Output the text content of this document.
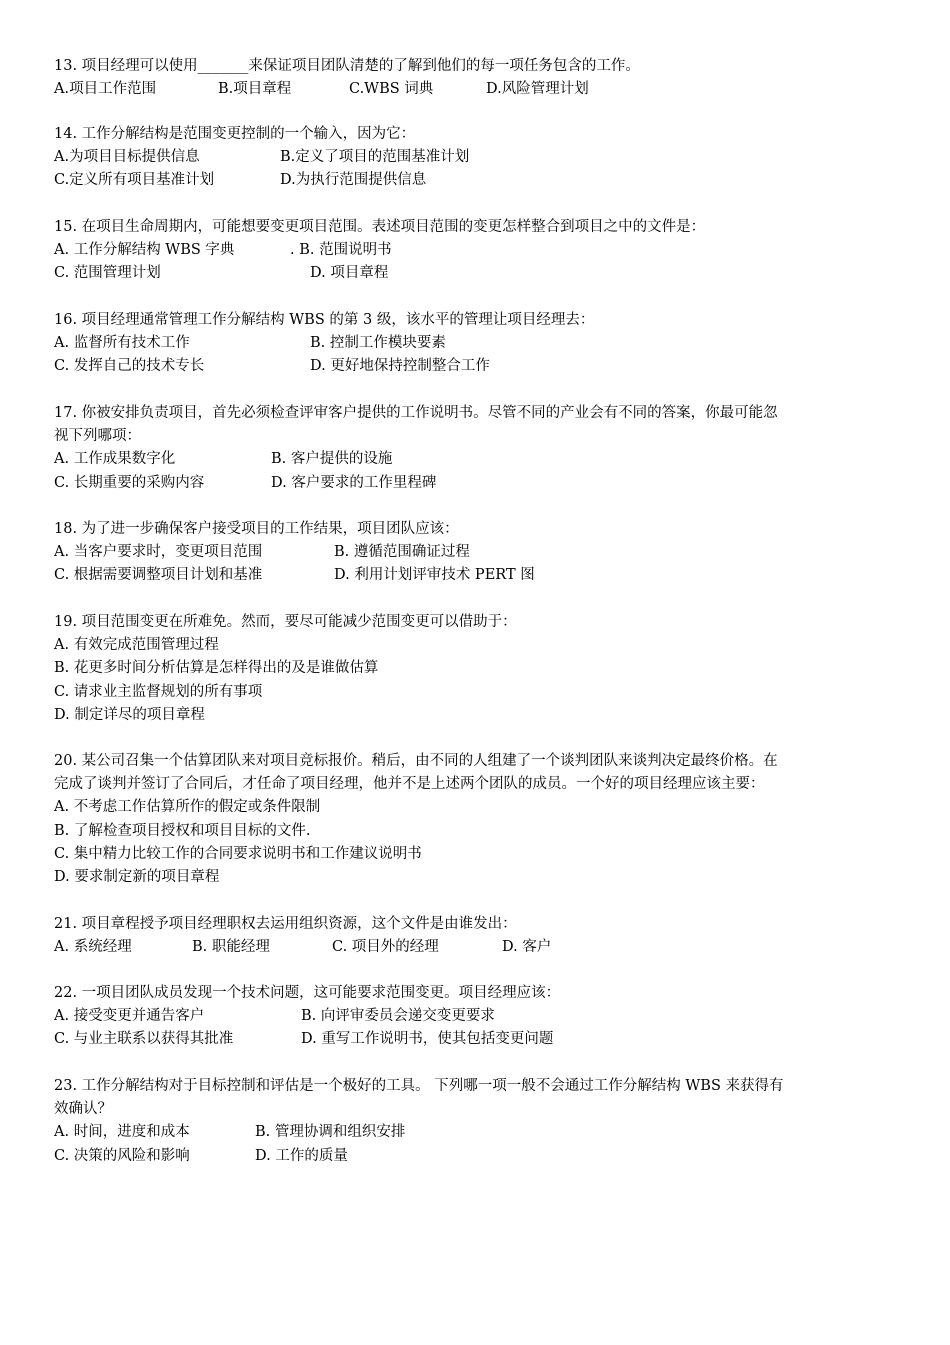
13. 项目经理可以使用_______来保证项目团队清楚的了解到他们的每一项任务包含的工作。
A.项目工作范围	B.项目章程	C.WBS 词典	D.风险管理计划
14. 工作分解结构是范围变更控制的一个输入，因为它：
A.为项目目标提供信息	B.定义了项目的范围基准计划
C.定义所有项目基准计划	D.为执行范围提供信息
15. 在项目生命周期内，可能想要变更项目范围。表述项目范围的变更怎样整合到项目之中的文件是：
A. 工作分解结构 WBS 字典	. B. 范围说明书
C. 范围管理计划	D. 项目章程
16. 项目经理通常管理工作分解结构 WBS 的第 3 级，该水平的管理让项目经理去：
A. 监督所有技术工作	B. 控制工作模块要素
C. 发挥自己的技术专长	D. 更好地保持控制整合工作
17. 你被安排负责项目，首先必须检查评审客户提供的工作说明书。尽管不同的产业会有不同的答案，你最可能忽
视下列哪项：
A. 工作成果数字化	B. 客户提供的设施
C. 长期重要的采购内容	D. 客户要求的工作里程碑
18. 为了进一步确保客户接受项目的工作结果，项目团队应该：
A. 当客户要求时，变更项目范围	B. 遵循范围确证过程
C. 根据需要调整项目计划和基准	D. 利用计划评审技术 PERT 图
19. 项目范围变更在所难免。然而，要尽可能减少范围变更可以借助于：
A. 有效完成范围管理过程
B. 花更多时间分析估算是怎样得出的及是谁做估算
C. 请求业主监督规划的所有事项
D. 制定详尽的项目章程
20. 某公司召集一个估算团队来对项目竞标报价。稍后，由不同的人组建了一个谈判团队来谈判决定最终价格。在
完成了谈判并签订了合同后，才任命了项目经理，他并不是上述两个团队的成员。一个好的项目经理应该主要：
A. 不考虑工作估算所作的假定或条件限制
B. 了解检查项目授权和项目目标的文件.
C. 集中精力比较工作的合同要求说明书和工作建议说明书
D. 要求制定新的项目章程
21. 项目章程授予项目经理职权去运用组织资源，这个文件是由谁发出：
A. 系统经理	B. 职能经理	C. 项目外的经理	D. 客户
22. 一项目团队成员发现一个技术问题，这可能要求范围变更。项目经理应该：
A. 接受变更并通告客户	B. 向评审委员会递交变更要求
C. 与业主联系以获得其批准	D. 重写工作说明书，使其包括变更问题
23. 工作分解结构对于目标控制和评估是一个极好的工具。 下列哪一项一般不会通过工作分解结构 WBS 来获得有
效确认？
A. 时间，进度和成本	B. 管理协调和组织安排
C. 决策的风险和影响	D. 工作的质量
